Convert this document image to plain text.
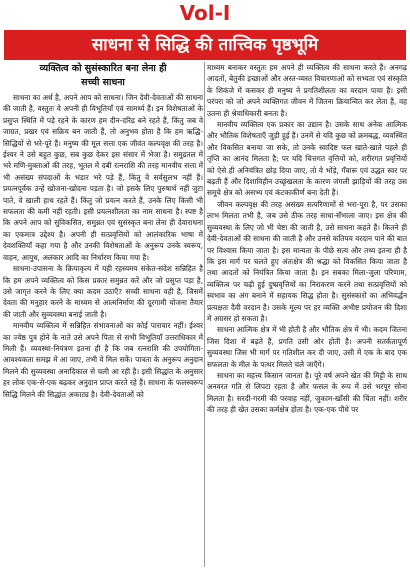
Vol-I
साधना से सिद्धि की तात्त्विक पृष्ठभूमि
व्यक्तित्व को सुसंस्कारित बना लेना ही
सच्ची साधना

साधना का अर्थ है, अपने आप को साधना। जिन देवी-देवताओं की साधना की जाती है, वस्तुतः वे अपनी ही विभूतियाँ एवं सामर्थ्य हैं। इन विशेषताओं के प्रसुप्त स्थिति में पड़े रहने के कारण हम दीन-दरिद्र बने रहते हैं, किंतु जब वे जाग्रत, प्रखर एवं सक्रिय बन जाती हैं, तो अनुभव होता है कि हम ऋद्धि-सिद्धियों से भरे-पूरे हैं। मनुष्य की मूल सत्ता एक जीवंत कल्पवृक्ष की तरह है। ईश्वर ने उसे बहुत कुछ, सब कुछ देकर इस संसार में भेजा है। समुद्रतल में भरे मणि-मुक्ताओं की तरह, भूतल में दबी रत्नराशि की तरह मानवीय सत्ता में भी असंख्य संपदाओं के भंडार भरे पड़े हैं, किंतु वे सर्वसुलभ नहीं हैं। प्रयत्नपूर्वक उन्हें खोजना-खोदना पड़ता है। जो इसके लिए पुरुषार्थ नहीं जुटा पाते, वे खाली हाथ रहते हैं। किंतु जो प्रयत्न करते हैं, उनके लिए किसी भी सफलता की कमी नहीं रहती। इसी प्रयत्नशीलता का नाम साधना है। स्पष्ट है कि अपने आप को सुविकसित, समुन्नत एवं सुसंस्कृत बना लेना ही देवाराधना का एकमात्र उद्देश्य है। अपनी ही सत्प्रवृत्तियों को आलंकारिक भाषा में देवशक्तियाँ कहा गया है और उनकी विशेषताओं के अनुरूप उनके स्वरूप, वाहन, आयुध, अलंकार आदि का निर्धारण किया गया है।

साधना-उपासना के क्रियाकृत्य में यही रहस्यमय संकेत-संदेश सन्निहित है कि हम अपने व्यक्तित्व को किस प्रकार समुन्नत करें और जो प्रसुप्त पड़ा है, उसे जागृत करने के लिए क्या कदम उठाएँ? सच्ची साधना वही है, जिसमें देवता की मनुहार करने के माध्यम से आत्मनिर्माण की दूरगामी योजना तैयार की जाती और सुव्यवस्था बनाई जाती है।

मानवीय व्यक्तित्व में सन्निहित संभावनाओं का कोई पारावार नहीं। ईश्वर का ज्येष्ठ पुत्र होने के नाते उसे अपने पिता से सभी विभूतियाँ उत्तराधिकार में मिली हैं। व्यवस्था-नियंत्रण इतना ही है कि जब रत्नराशि की उपयोगिता-आवश्यकता समझ में आ जाए, तभी वे मिल सकें। पात्रता के अनुरूप अनुदान मिलने की सुव्यवस्था अनादिकाल से चली आ रही है। इसी सिद्धांत के अनुसार हर लोक एक-से-एक बढ़कर अनुदान प्राप्त करते रहे हैं। साधना के फलस्वरूप सिद्धि मिलने की सिद्धांत अकाट्य है। देवी-देवताओं को

माध्यम बनाकर वस्तुतः हम अपने ही व्यक्तित्व की साधना करते हैं। अनगढ़ आदतों, बेतुकी इच्छाओं और अस्त-व्यस्त विचारणाओं को सभ्यता एवं संस्कृति के शिकंजे में कसकर ही मनुष्य ने प्रगतिशीलता का वरदान पाया है। इसी परंपरा को जो अपने व्यक्तिगत जीवन में जितना क्रियान्वित कर लेता है, वह उतना ही श्रेयाधिकारी बनता है।

मानवीय व्यक्तित्व एक प्रकार का उद्यान है। उसके साथ अनेक आत्मिक और भौतिक विशेषताएँ जुड़ी हुई हैं। उनमें से यदि कुछ को क्रमबद्ध, व्यवस्थित और विकसित बनाया जा सके, तो उनके स्वादिष्ट फल खाते-खाते पहले ही तृप्ति का आनंद मिलता है; पर यदि चित्तगत वृत्तियों को, शरीरगत प्रवृत्तियों को ऐसे ही अनियंत्रित छोड़ दिया जाए, तो वे भोंड़े, गँवारू एवं उद्धत स्वर पर बढ़ती हैं और दिशाविहीन उच्छृंखलता के कारण जंगली झाड़ियों की तरह उस समूचे क्षेत्र को असभ्य एवं कंटकाकीर्ण बना देती हैं।

जीवन कल्पवृक्ष की तरह असंख्य सत्परिणामों से भरा-पूरा है, पर उसका लाभ मिलता तभी है, जब उसे ठीक तरह साधा-सँभाला जाए। इस क्षेत्र की सुव्यवस्था के लिए जो भी चेष्टा की जाती है, उसे साधना कहते हैं। कितने ही देवी-देवताओं की साधना की जाती है और उनसे कतिपय वरदान पाने की बात पर विश्वास किया जाता है। इस मान्यता के पीछे सत्य और तथ्य इतना ही है कि इस मार्ग पर चलते हुए अंतःक्षेत्र की श्रद्धा को विकसित किया जाता है तथा आदतों को नियंत्रित किया जाता है। इन सबका मिला-जुला परिणाम, व्यक्तित्व पर चढ़ी हुई दुष्प्रवृत्तियों का निराकरण करने तथा सत्प्रवृत्तियों को स्वभाव का अंग बनाने में सहायक सिद्ध होता है। सुसंस्कारों का अभिवर्द्धन प्रत्यक्षतः दैवी वरदान है। उसके मूल्य पर हर व्यक्ति अभीष्ट प्रयोजन की दिशा में अग्रसर हो सकता है।

साधना आत्मिक क्षेत्र में भी होती है और भौतिक क्षेत्र में भी। कदम जितना जिस दिशा में बढ़ते हैं, प्रगति उसी ओर होती है। अपनी सतर्कतापूर्ण सुव्यवस्था जिस भी मार्ग पर गतिशील कर दी जाए, उसी में एक के बाद एक सफलता के मील के पत्थर मिलते चले जाएँगे।

साधना का महत्त्व किसान जानता है। पूरे वर्ष अपने खेत की मिट्टी के साथ अनवरत गति से लिपटा रहता है और फसल के रूप में उसे भरपूर सोना मिलता है। सरदी-गरमी की परवाह नहीं, जुकाम-खाँसी की चिंता नहीं। शरीर की तरह ही खेत उसका कर्मक्षेत्र होता है। एक-एक पौधे पर
